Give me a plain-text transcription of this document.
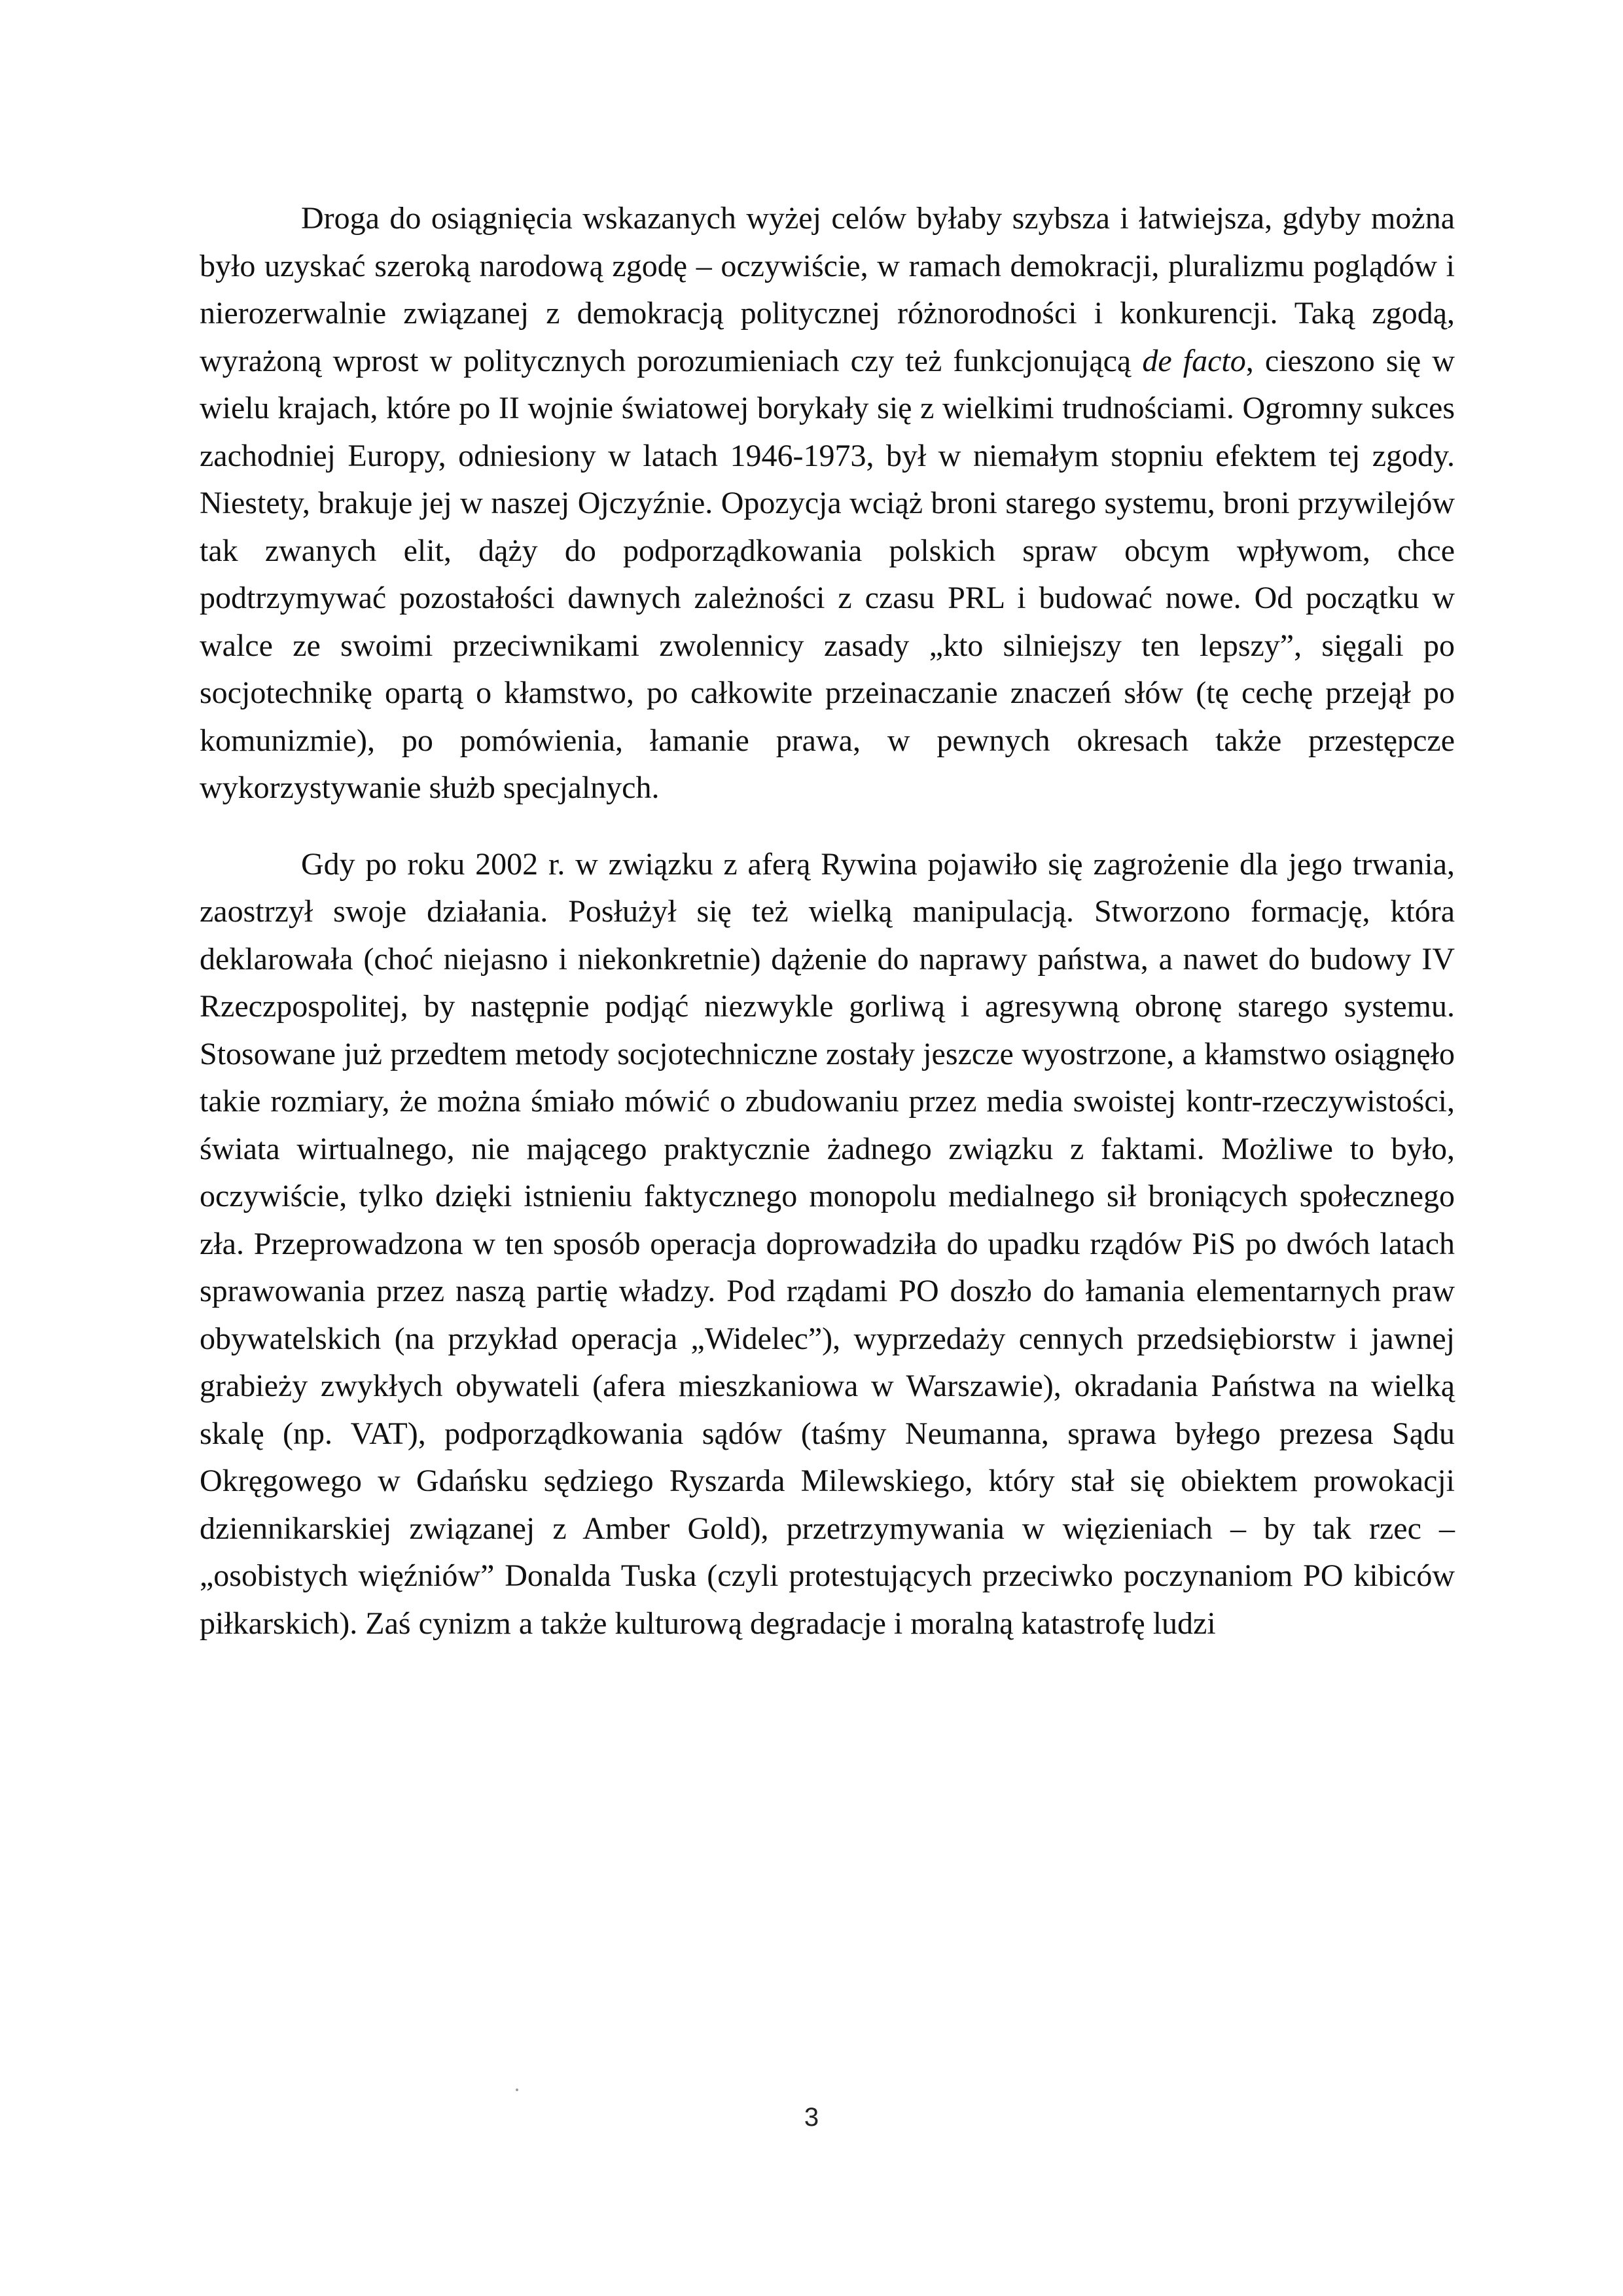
Droga do osiągnięcia wskazanych wyżej celów byłaby szybsza i łatwiejsza, gdyby można było uzyskać szeroką narodową zgodę – oczywiście, w ramach demokracji, pluralizmu poglądów i nierozerwalnie związanej z demokracją politycznej różnorodności i konkurencji. Taką zgodą, wyrażoną wprost w politycznych porozumieniach czy też funkcjonującą de facto, cieszono się w wielu krajach, które po II wojnie światowej borykały się z wielkimi trudnościami. Ogromny sukces zachodniej Europy, odniesiony w latach 1946-1973, był w niemałym stopniu efektem tej zgody. Niestety, brakuje jej w naszej Ojczyźnie. Opozycja wciąż broni starego systemu, broni przywilejów tak zwanych elit, dąży do podporządkowania polskich spraw obcym wpływom, chce podtrzymywać pozostałości dawnych zależności z czasu PRL i budować nowe. Od początku w walce ze swoimi przeciwnikami zwolennicy zasady „kto silniejszy ten lepszy”, sięgali po socjotechnikę opartą o kłamstwo, po całkowite przeinaczanie znaczeń słów (tę cechę przejął po komunizmie), po pomówienia, łamanie prawa, w pewnych okresach także przestępcze wykorzystywanie służb specjalnych.

Gdy po roku 2002 r. w związku z aferą Rywina pojawiło się zagrożenie dla jego trwania, zaostrzył swoje działania. Posłużył się też wielką manipulacją. Stworzono formację, która deklarowała (choć niejasno i niekonkretnie) dążenie do naprawy państwa, a nawet do budowy IV Rzeczpospolitej, by następnie podjąć niezwykle gorliwą i agresywną obronę starego systemu. Stosowane już przedtem metody socjotechniczne zostały jeszcze wyostrzone, a kłamstwo osiągnęło takie rozmiary, że można śmiało mówić o zbudowaniu przez media swoistej kontr-rzeczywistości, świata wirtualnego, nie mającego praktycznie żadnego związku z faktami. Możliwe to było, oczywiście, tylko dzięki istnieniu faktycznego monopolu medialnego sił broniących społecznego zła. Przeprowadzona w ten sposób operacja doprowadziła do upadku rządów PiS po dwóch latach sprawowania przez naszą partię władzy. Pod rządami PO doszło do łamania elementarnych praw obywatelskich (na przykład operacja „Widelec”), wyprzedaży cennych przedsiębiorstw i jawnej grabieży zwykłych obywateli (afera mieszkaniowa w Warszawie), okradania Państwa na wielką skalę (np. VAT), podporządkowania sądów (taśmy Neumanna, sprawa byłego prezesa Sądu Okręgowego w Gdańsku sędziego Ryszarda Milewskiego, który stał się obiektem prowokacji dziennikarskiej związanej z Amber Gold), przetrzymywania w więzieniach – by tak rzec – „osobistych więźniów” Donalda Tuska (czyli protestujących przeciwko poczynaniom PO kibiców piłkarskich). Zaś cynizm a także kulturową degradacje i moralną katastrofę ludzi

3
